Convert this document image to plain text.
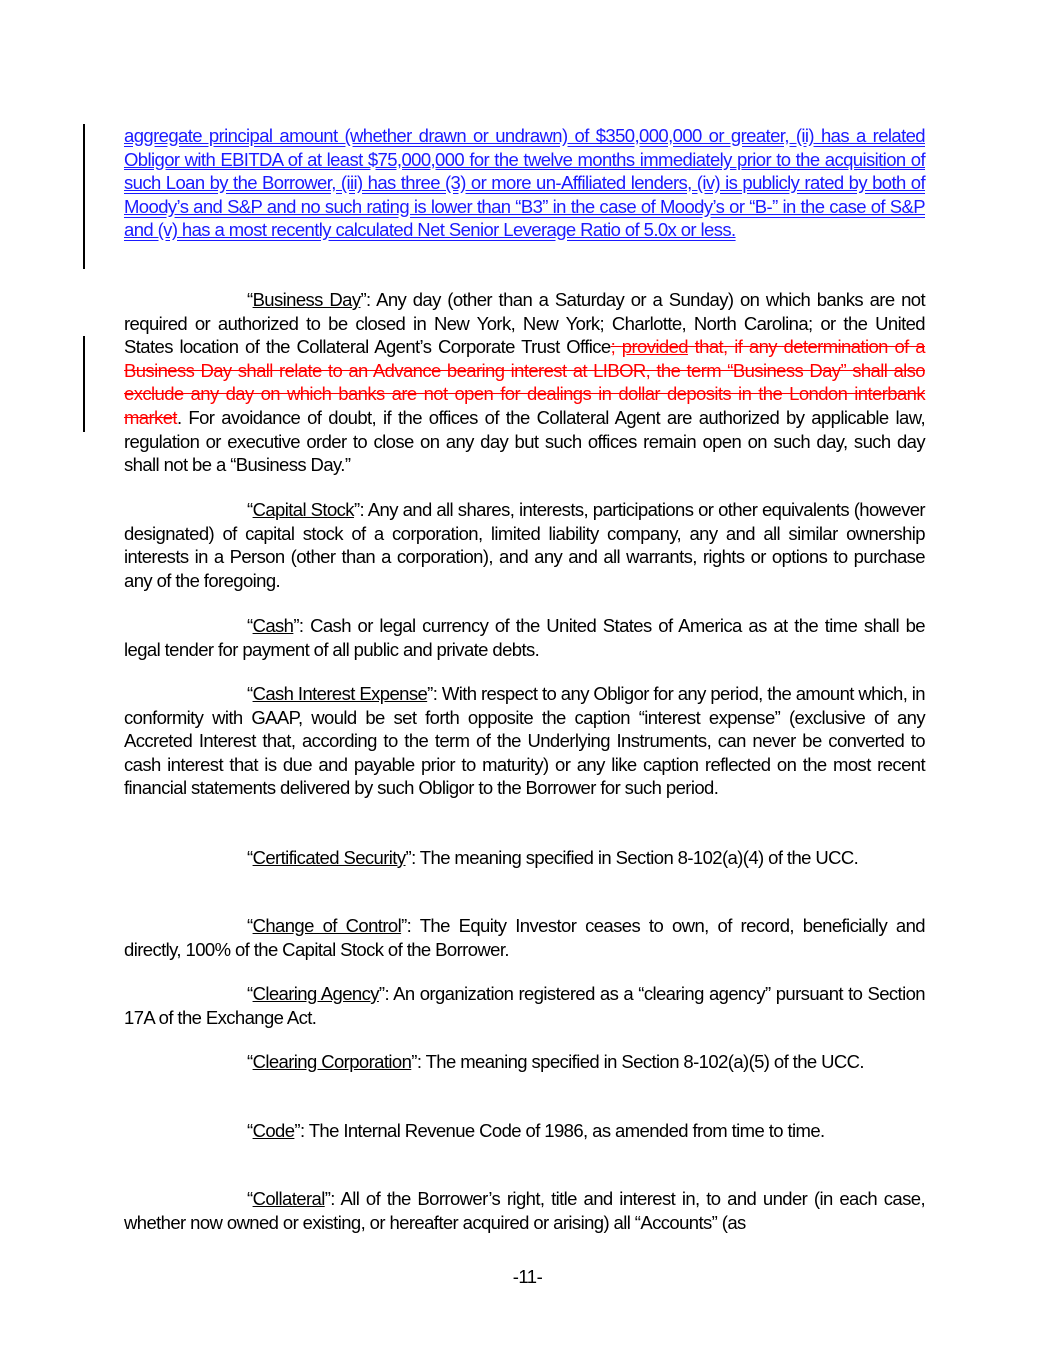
aggregate principal amount (whether drawn or undrawn) of $350,000,000 or greater, (ii) has a related Obligor with EBITDA of at least $75,000,000 for the twelve months immediately prior to the acquisition of such Loan by the Borrower, (iii) has three (3) or more un-Affiliated lenders, (iv) is publicly rated by both of Moody’s and S&P and no such rating is lower than “B3” in the case of Moody’s or “B-” in the case of S&P and (v) has a most recently calculated Net Senior Leverage Ratio of 5.0x or less.
“Business Day”: Any day (other than a Saturday or a Sunday) on which banks are not required or authorized to be closed in New York, New York; Charlotte, North Carolina; or the United States location of the Collateral Agent’s Corporate Trust Office; provided that, if any determination of a Business Day shall relate to an Advance bearing interest at LIBOR, the term “Business Day” shall also exclude any day on which banks are not open for dealings in dollar deposits in the London interbank market. For avoidance of doubt, if the offices of the Collateral Agent are authorized by applicable law, regulation or executive order to close on any day but such offices remain open on such day, such day shall not be a “Business Day.”
“Capital Stock”: Any and all shares, interests, participations or other equivalents (however designated) of capital stock of a corporation, limited liability company, any and all similar ownership interests in a Person (other than a corporation), and any and all warrants, rights or options to purchase any of the foregoing.
“Cash”: Cash or legal currency of the United States of America as at the time shall be legal tender for payment of all public and private debts.
“Cash Interest Expense”: With respect to any Obligor for any period, the amount which, in conformity with GAAP, would be set forth opposite the caption “interest expense” (exclusive of any Accreted Interest that, according to the term of the Underlying Instruments, can never be converted to cash interest that is due and payable prior to maturity) or any like caption reflected on the most recent financial statements delivered by such Obligor to the Borrower for such period.
“Certificated Security”: The meaning specified in Section 8-102(a)(4) of the UCC.
“Change of Control”: The Equity Investor ceases to own, of record, beneficially and directly, 100% of the Capital Stock of the Borrower.
“Clearing Agency”: An organization registered as a “clearing agency” pursuant to Section 17A of the Exchange Act.
“Clearing Corporation”: The meaning specified in Section 8-102(a)(5) of the UCC.
“Code”: The Internal Revenue Code of 1986, as amended from time to time.
“Collateral”: All of the Borrower’s right, title and interest in, to and under (in each case, whether now owned or existing, or hereafter acquired or arising) all “Accounts” (as
-11-
